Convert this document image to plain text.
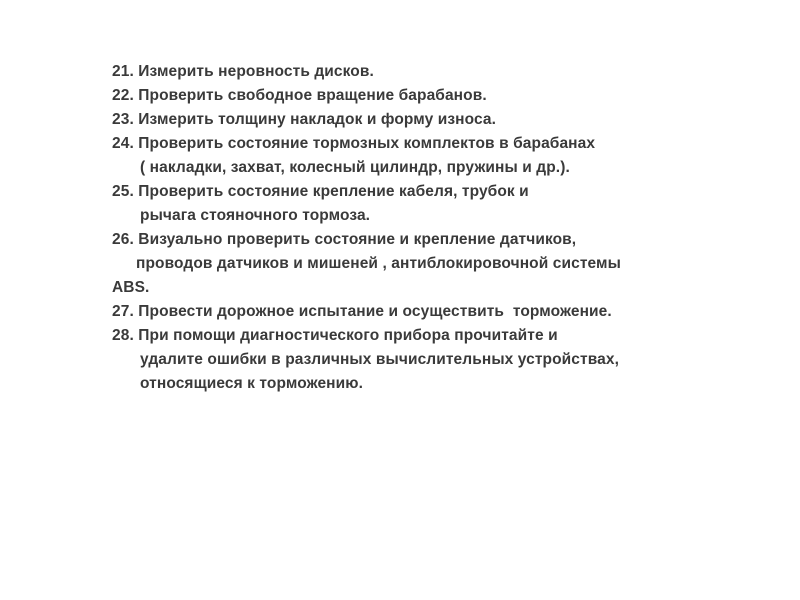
21. Измерить неровность дисков.
22. Проверить свободное вращение барабанов.
23. Измерить толщину накладок и форму износа.
24. Проверить состояние тормозных комплектов в барабанах
( накладки, захват, колесный цилиндр, пружины и др.).
25. Проверить состояние крепление кабеля, трубок и
рычага стояночного тормоза.
26. Визуально проверить состояние и крепление датчиков,
проводов датчиков и мишеней , антиблокировочной системы
ABS.
27. Провести дорожное испытание и осуществить  торможение.
28. При помощи диагностического прибора прочитайте и
удалите ошибки в различных вычислительных устройствах,
относящиеся к торможению.
